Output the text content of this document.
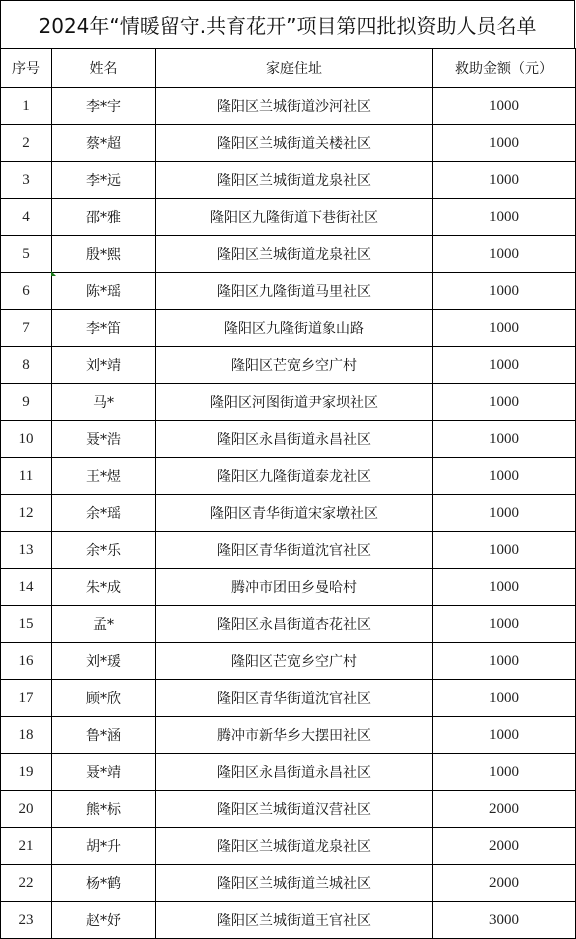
2024年“情暖留守.共育花开”项目第四批拟资助人员名单
序号	姓名	家庭住址	救助金额（元）
1	李*宇	隆阳区兰城街道沙河社区	1000
2	蔡*超	隆阳区兰城街道关楼社区	1000
3	李*远	隆阳区兰城街道龙泉社区	1000
4	邵*雅	隆阳区九隆街道下巷街社区	1000
5	殷*熙	隆阳区兰城街道龙泉社区	1000
6	陈*瑶	隆阳区九隆街道马里社区	1000
7	李*笛	隆阳区九隆街道象山路	1000
8	刘*靖	隆阳区芒宽乡空广村	1000
9	马*	隆阳区河图街道尹家坝社区	1000
10	聂*浩	隆阳区永昌街道永昌社区	1000
11	王*煜	隆阳区九隆街道泰龙社区	1000
12	余*瑶	隆阳区青华街道宋家墩社区	1000
13	余*乐	隆阳区青华街道沈官社区	1000
14	朱*成	腾冲市团田乡曼哈村	1000
15	孟*	隆阳区永昌街道杏花社区	1000
16	刘*瑗	隆阳区芒宽乡空广村	1000
17	顾*欣	隆阳区青华街道沈官社区	1000
18	鲁*涵	腾冲市新华乡大摆田社区	1000
19	聂*靖	隆阳区永昌街道永昌社区	1000
20	熊*标	隆阳区兰城街道汉营社区	2000
21	胡*升	隆阳区兰城街道龙泉社区	2000
22	杨*鹤	隆阳区兰城街道兰城社区	2000
23	赵*妤	隆阳区兰城街道王官社区	3000
